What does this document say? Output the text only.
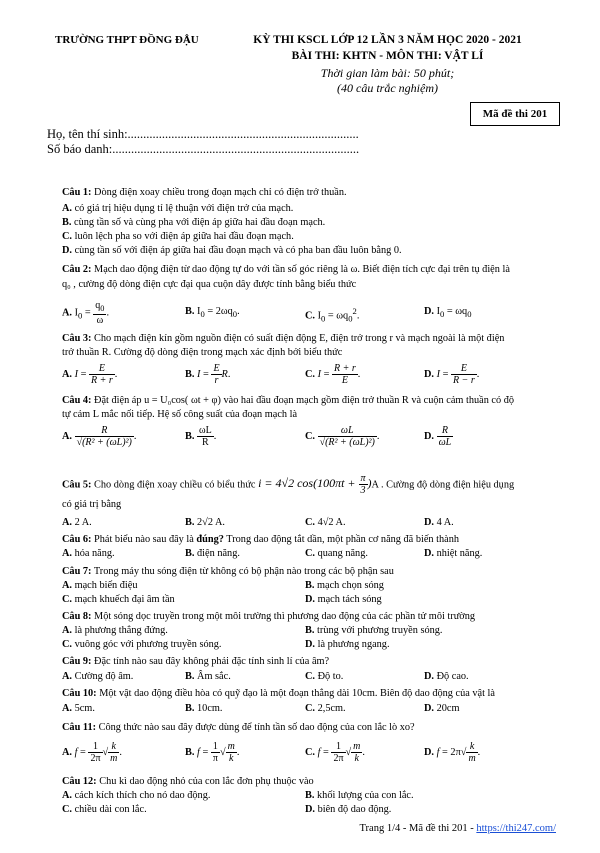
TRƯỜNG THPT ĐỒNG ĐẬU	KỲ THI KSCL LỚP 12 LẦN 3 NĂM HỌC 2020 - 2021
BÀI THI: KHTN - MÔN THI: VẬT LÍ
Thời gian làm bài: 50 phút;
(40 câu trắc nghiệm)
Mã đề thi 201
Họ, tên thí sinh:..........................................................................
Số báo danh:...............................................................................
Câu 1: Dòng điện xoay chiều trong đoạn mạch chỉ có điện trở thuần.
A. có giá trị hiệu dụng tỉ lệ thuận với điện trở của mạch.
B. cùng tần số và cùng pha với điện áp giữa hai đầu đoạn mạch.
C. luôn lệch pha so với điện áp giữa hai đầu đoạn mạch.
D. cùng tần số với điện áp giữa hai đầu đoạn mạch và có pha ban đầu luôn bằng 0.
Câu 2: Mạch dao động điện từ dao động tự do với tần số góc riêng là ω. Biết điện tích cực đại trên tụ điện là
q₀ , cường độ dòng điện cực đại qua cuộn dây được tính bằng biểu thức
A. $I_0 = \frac{q_0}{\omega}$ .	B. $I_0 = 2\omega q_0$.	C. $I_0 = \omega q_0^2$.	D. $I_0 = \omega q_0$
Câu 3: Cho mạch điện kín gồm nguồn điện có suất điện động E, điện trở trong r và mạch ngoài là một điện
trở thuần R. Cường độ dòng điện trong mạch xác định bởi biểu thức
A. $I = \frac{E}{R + r}$ .	B. $I = \frac{E}{r} R$.	C. $I = \frac{R + r}{E}$ .	D. $I = \frac{E}{R - r}$ .
Câu 4: Đặt điện áp u = U₀cos( ωt + φ) vào hai đầu đoạn mạch gồm điện trở thuần R và cuộn cảm thuần có độ
tự cảm L mắc nối tiếp. Hệ số công suất của đoạn mạch là
A. $\frac{R}{\text{√(R² + (ωL)²)}}$ .	B. $\frac{\omega L}{R}$ .	C. $\frac{\omega L}{\text{√(R² + (ωL)²)}}$ .	D. $\frac{R}{\omega L}$
Câu 5: Cho dòng điện xoay chiều có biểu thức i = 4√2 $\cos(100\pi t + \frac{\pi}{3} )A$ . Cường độ dòng điện hiệu dụng
có giá trị bằng
A. 2 A.	B. 2√2 A.	C. 4√2 A.	D. 4 A.
Câu 6: Phát biểu nào sau đây là đúng? Trong dao động tắt dần, một phần cơ năng đã biến thành
A. hóa năng.	B. điện năng.	C. quang năng.	D. nhiệt năng.
Câu 7: Trong máy thu sóng điện từ không có bộ phận nào trong các bộ phận sau
A. mạch biến điệu	B. mạch chọn sóng
C. mạch khuếch đại âm tần	D. mạch tách sóng
Câu 8: Một sóng dọc truyền trong một môi trường thì phương dao động của các phần tử môi trường
A. là phương thẳng đứng.	B. trùng với phương truyền sóng.
C. vuông góc với phương truyền sóng.	D. là phương ngang.
Câu 9: Đặc tính nào sau đây không phải đặc tính sinh lí của âm?
A. Cường độ âm.	B. Âm sắc.	C. Độ to.	D. Độ cao.
Câu 10: Một vật dao động điều hòa có quỹ đạo là một đoạn thẳng dài 10cm. Biên độ dao động của vật là
A. 5cm.	B. 10cm.	C. 2,5cm.	D. 20cm
Câu 11: Công thức nào sau đây được dùng để tính tần số dao động của con lắc lò xo?
A. $f = \frac{1}{2\pi}$ √ $\frac{k}{m}$ .	B. $f = \frac{1}{\pi}$ √ $\frac{m}{k}$ .	C. $f = \frac{1}{2\pi}$ √ $\frac{m}{k}$ .	D. $f = 2\pi√ \frac{k}{m}$ .
Câu 12: Chu kì dao động nhỏ của con lắc đơn phụ thuộc vào
A. cách kích thích cho nó dao động.	B. khối lượng của con lắc.
C. chiều dài con lắc.	D. biên độ dao động.
Trang 1/4 - Mã đề thi 201 - https://thi247.com/
